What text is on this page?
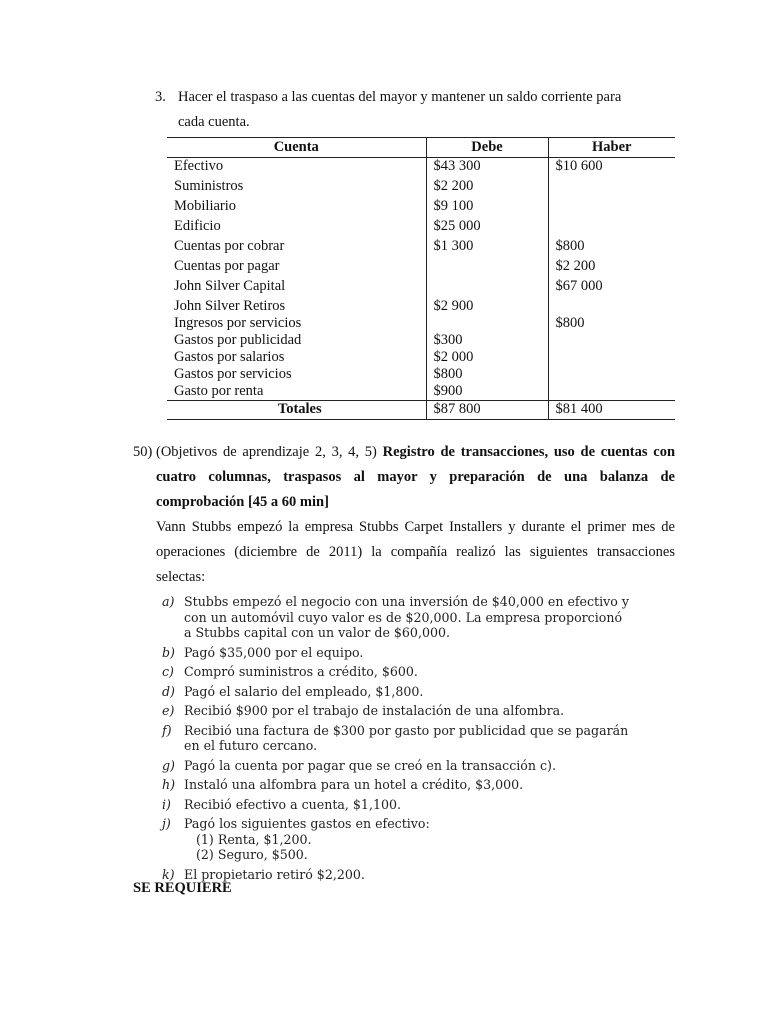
3. Hacer el traspaso a las cuentas del mayor y mantener un saldo corriente para
cada cuenta.
Cuenta	Debe	Haber
Efectivo	$43 300	$10 600
Suministros	$2 200	
Mobiliario	$9 100	
Edificio	$25 000	
Cuentas por cobrar	$1 300	$800
Cuentas por pagar		$2 200
John Silver Capital		$67 000
John Silver Retiros	$2 900	
Ingresos por servicios		$800
Gastos por publicidad	$300	
Gastos por salarios	$2 000	
Gastos por servicios	$800	
Gasto por renta	$900	
Totales	$87 800	$81 400
50) (Objetivos de aprendizaje 2, 3, 4, 5) Registro de transacciones, uso de cuentas con cuatro columnas, traspasos al mayor y preparación de una balanza de comprobación [45 a 60 min]
Vann Stubbs empezó la empresa Stubbs Carpet Installers y durante el primer mes de operaciones (diciembre de 2011) la compañía realizó las siguientes transacciones selectas:
a) Stubbs empezó el negocio con una inversión de $40,000 en efectivo y
con un automóvil cuyo valor es de $20,000. La empresa proporcionó
a Stubbs capital con un valor de $60,000.
b) Pagó $35,000 por el equipo.
c) Compró suministros a crédito, $600.
d) Pagó el salario del empleado, $1,800.
e) Recibió $900 por el trabajo de instalación de una alfombra.
f) Recibió una factura de $300 por gasto por publicidad que se pagarán
en el futuro cercano.
g) Pagó la cuenta por pagar que se creó en la transacción c).
h) Instaló una alfombra para un hotel a crédito, $3,000.
i) Recibió efectivo a cuenta, $1,100.
j) Pagó los siguientes gastos en efectivo:
(1) Renta, $1,200.
(2) Seguro, $500.
k) El propietario retiró $2,200.
SE REQUIERE
